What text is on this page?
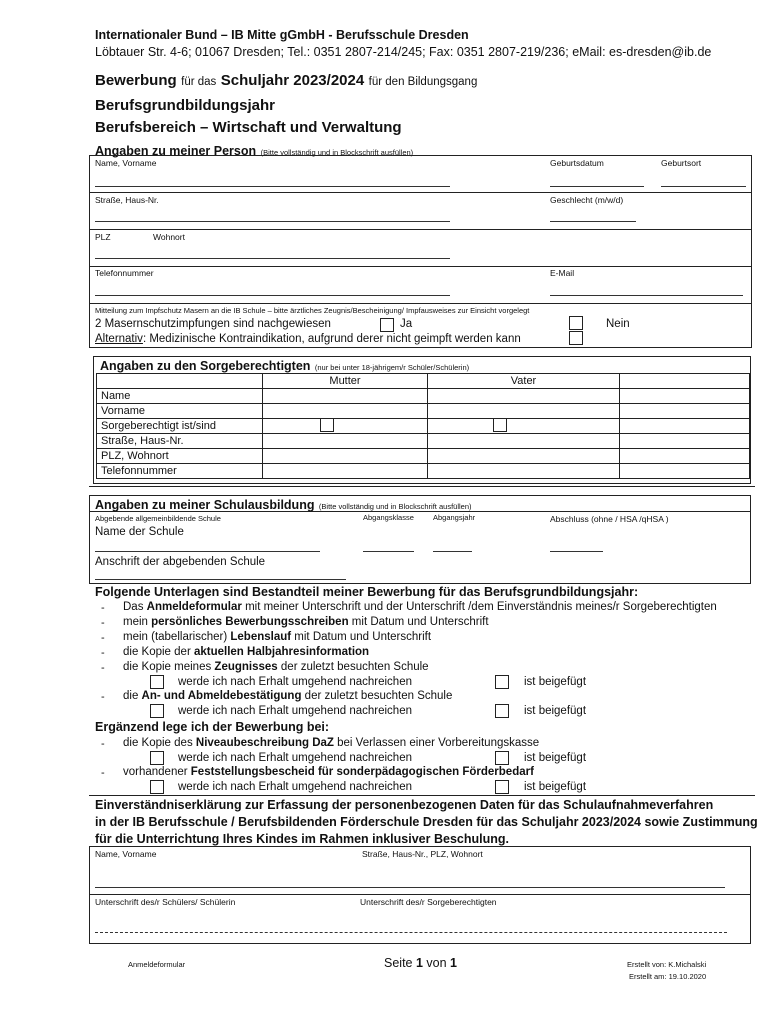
Internationaler Bund – IB Mitte gGmbH - Berufsschule Dresden
Löbtauer Str. 4-6; 01067 Dresden; Tel.: 0351 2807-214/245; Fax: 0351 2807-219/236; eMail: es-dresden@ib.de
Bewerbung für das Schuljahr 2023/2024 für den Bildungsgang
Berufsgrundbildungsjahr
Berufsbereich – Wirtschaft und Verwaltung
Angaben zu meiner Person (Bitte vollständig und in Blockschrift ausfüllen)
Name, Vorname	Geburtsdatum	Geburtsort
Straße, Haus-Nr.	Geschlecht (m/w/d)
PLZ	Wohnort
Telefonnummer	E-Mail
Mitteilung zum Impfschutz Masern an die IB Schule – bitte ärztliches Zeugnis/Bescheinigung/ Impfausweises zur Einsicht vorgelegt
2 Masernschutzimpfungen sind nachgewiesen	Ja	Nein
Alternativ: Medizinische Kontraindikation, aufgrund derer nicht geimpft werden kann
Angaben zu den Sorgeberechtigten (nur bei unter 18-jährigem/r Schüler/Schülerin)
	Mutter	Vater	
Name			
Vorname			
Sorgeberechtigt ist/sind			
Straße, Haus-Nr.			
PLZ, Wohnort			
Telefonnummer			
Angaben zu meiner Schulausbildung (Bitte vollständig und in Blockschrift ausfüllen)
Abgebende allgemeinbildende Schule	Abgangsklasse	Abgangsjahr	Abschluss (ohne / HSA /qHSA )
Name der Schule
Anschrift der abgebenden Schule
Folgende Unterlagen sind Bestandteil meiner Bewerbung für das Berufsgrundbildungsjahr:
- Das Anmeldeformular mit meiner Unterschrift und der Unterschrift /dem Einverständnis meines/r Sorgeberechtigten
- mein persönliches Bewerbungsschreiben mit Datum und Unterschrift
- mein (tabellarischer) Lebenslauf mit Datum und Unterschrift
- die Kopie der aktuellen Halbjahresinformation
- die Kopie meines Zeugnisses der zuletzt besuchten Schule
werde ich nach Erhalt umgehend nachreichen	ist beigefügt
- die An- und Abmeldebestätigung der zuletzt besuchten Schule
werde ich nach Erhalt umgehend nachreichen	ist beigefügt
Ergänzend lege ich der Bewerbung bei:
- die Kopie des Niveaubeschreibung DaZ bei Verlassen einer Vorbereitungskasse
werde ich nach Erhalt umgehend nachreichen	ist beigefügt
- vorhandener Feststellungsbescheid für sonderpädagogischen Förderbedarf
werde ich nach Erhalt umgehend nachreichen	ist beigefügt
Einverständniserklärung zur Erfassung der personenbezogenen Daten für das Schulaufnahmeverfahren
in der IB Berufsschule / Berufsbildenden Förderschule Dresden für das Schuljahr 2023/2024 sowie Zustimmung
für die Unterrichtung Ihres Kindes im Rahmen inklusiver Beschulung.
Name, Vorname	Straße, Haus-Nr., PLZ, Wohnort
Unterschrift des/r Schülers/ Schülerin	Unterschrift des/r Sorgeberechtigten
Anmeldeformular	Seite 1 von 1	Erstellt von: K.Michalski
Erstellt am: 19.10.2020
